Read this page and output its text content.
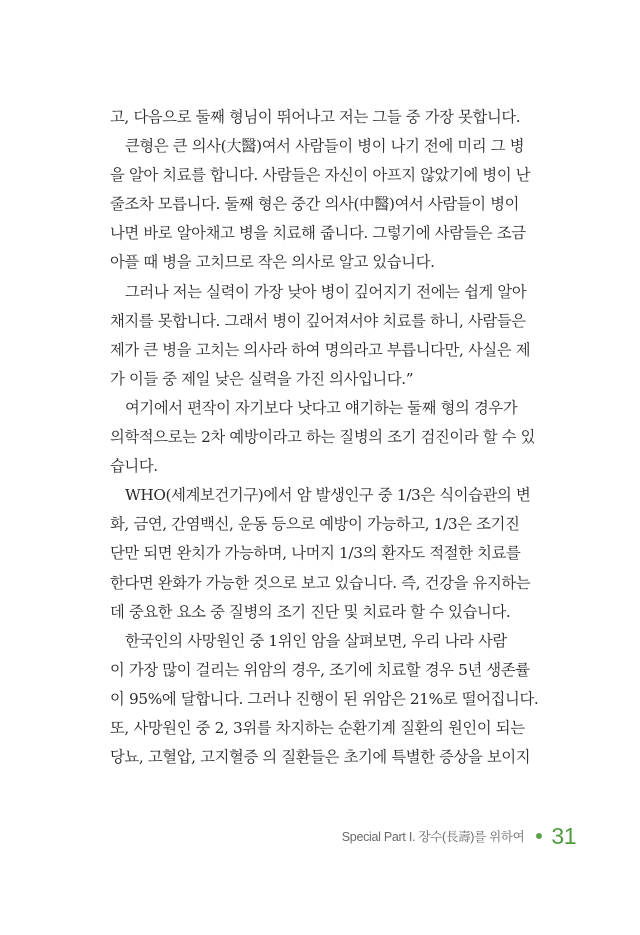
고, 다음으로 둘째 형님이 뛰어나고 저는 그들 중 가장 못합니다.
큰형은 큰 의사(大醫)여서 사람들이 병이 나기 전에 미리 그 병
을 알아 치료를 합니다. 사람들은 자신이 아프지 않았기에 병이 난
줄조차 모릅니다. 둘째 형은 중간 의사(中醫)여서 사람들이 병이
나면 바로 알아채고 병을 치료해 줍니다. 그렇기에 사람들은 조금
아플 때 병을 고치므로 작은 의사로 알고 있습니다.
그러나 저는 실력이 가장 낮아 병이 깊어지기 전에는 쉽게 알아
채지를 못합니다. 그래서 병이 깊어져서야 치료를 하니, 사람들은
제가 큰 병을 고치는 의사라 하여 명의라고 부릅니다만, 사실은 제
가 이들 중 제일 낮은 실력을 가진 의사입니다.”
여기에서 편작이 자기보다 낫다고 얘기하는 둘째 형의 경우가
의학적으로는 2차 예방이라고 하는 질병의 조기 검진이라 할 수 있
습니다.
WHO(세계보건기구)에서 암 발생인구 중 1/3은 식이습관의 변
화, 금연, 간염백신, 운동 등으로 예방이 가능하고, 1/3은 조기진
단만 되면 완치가 가능하며, 나머지 1/3의 환자도 적절한 치료를
한다면 완화가 가능한 것으로 보고 있습니다. 즉, 건강을 유지하는
데 중요한 요소 중 질병의 조기 진단 및 치료라 할 수 있습니다.
한국인의 사망원인 중 1위인 암을 살펴보면, 우리 나라 사람
이 가장 많이 걸리는 위암의 경우, 조기에 치료할 경우 5년 생존률
이 95%에 달합니다. 그러나 진행이 된 위암은 21%로 떨어집니다.
또, 사망원인 중 2, 3위를 차지하는 순환기계 질환의 원인이 되는
당뇨, 고혈압, 고지혈증 의 질환들은 초기에 특별한 증상을 보이지
Special Part Ⅰ. 장수(長壽)를 위하여 31
